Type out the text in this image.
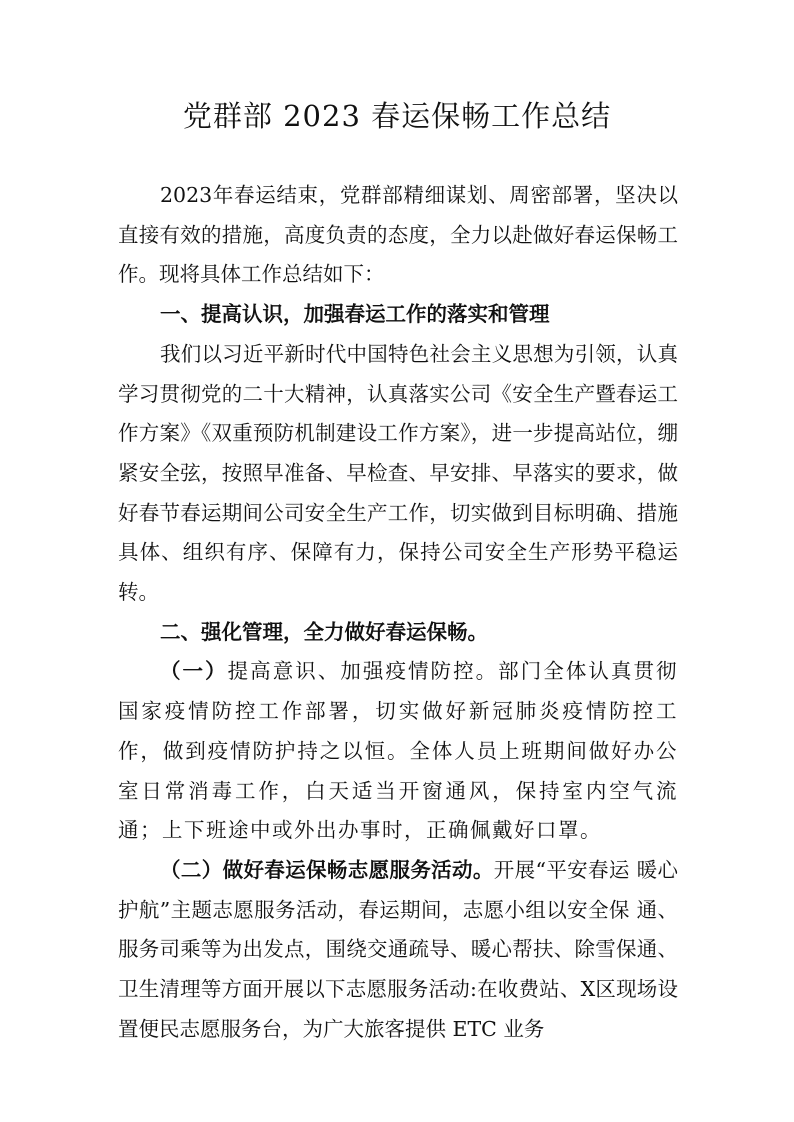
党群部 2023 春运保畅工作总结

2023年春运结束，党群部精细谋划、周密部署，坚决以直接有效的措施，高度负责的态度，全力以赴做好春运保畅工作。现将具体工作总结如下：

一、提高认识，加强春运工作的落实和管理

我们以习近平新时代中国特色社会主义思想为引领，认真学习贯彻党的二十大精神，认真落实公司《安全生产暨春运工作方案》《双重预防机制建设工作方案》，进一步提高站位，绷紧安全弦，按照早准备、早检查、早安排、早落实的要求，做好春节春运期间公司安全生产工作，切实做到目标明确、措施具体、组织有序、保障有力，保持公司安全生产形势平稳运转。

二、强化管理，全力做好春运保畅。

（一）提高意识、加强疫情防控。部门全体认真贯彻国家疫情防控工作部署，切实做好新冠肺炎疫情防控工作，做到疫情防护持之以恒。全体人员上班期间做好办公室日常消毒工作，白天适当开窗通风，保持室内空气流通；上下班途中或外出办事时，正确佩戴好口罩。

（二）做好春运保畅志愿服务活动。开展“平安春运 暖心护航”主题志愿服务活动，春运期间，志愿小组以安全保 通、服务司乘等为出发点，围绕交通疏导、暖心帮扶、除雪保通、卫生清理等方面开展以下志愿服务活动:在收费站、X区现场设置便民志愿服务台，为广大旅客提供 ETC 业务
